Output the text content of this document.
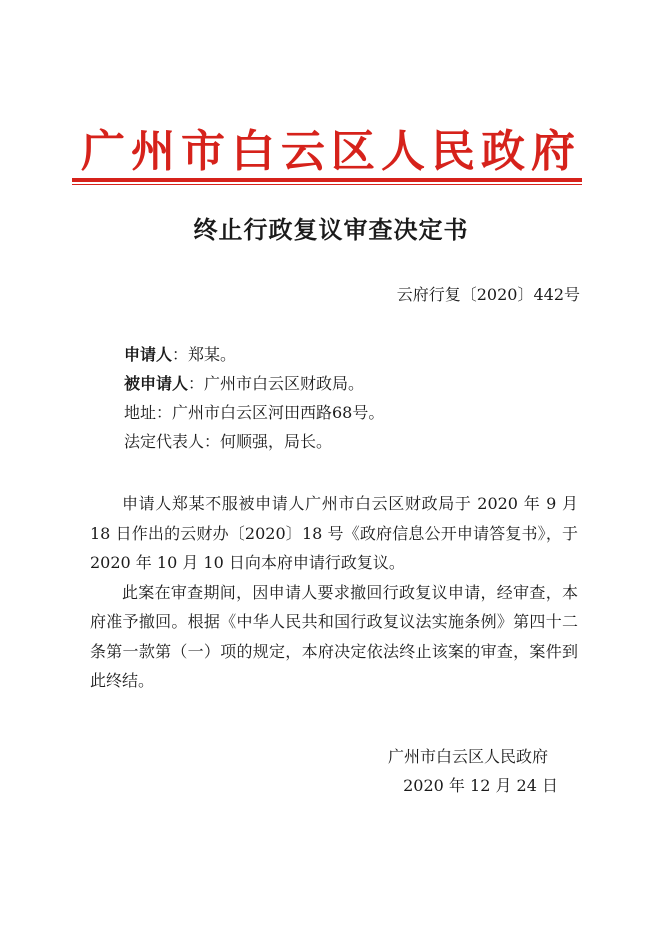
广州市白云区人民政府
终止行政复议审查决定书
云府行复〔2020〕442号
申请人：郑某。
被申请人：广州市白云区财政局。
地址：广州市白云区河田西路68号。
法定代表人：何顺强，局长。

申请人郑某不服被申请人广州市白云区财政局于 2020 年 9 月 18 日作出的云财办〔2020〕18 号《政府信息公开申请答复书》，于 2020 年 10 月 10 日向本府申请行政复议。

此案在审查期间，因申请人要求撤回行政复议申请，经审查，本府准予撤回。根据《中华人民共和国行政复议法实施条例》第四十二条第一款第（一）项的规定，本府决定依法终止该案的审查，案件到此终结。

广州市白云区人民政府
2020 年 12 月 24 日
